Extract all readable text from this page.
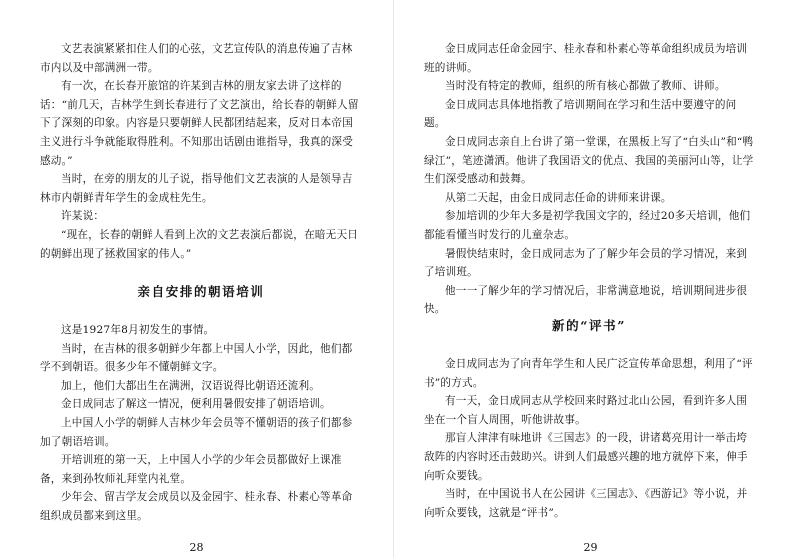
文艺表演紧紧扣住人们的心弦，文艺宣传队的消息传遍了吉林市内以及中部满洲一带。

有一次，在长春开旅馆的许某到吉林的朋友家去讲了这样的话：“前几天，吉林学生到长春进行了文艺演出，给长春的朝鲜人留下了深刻的印象。内容是只要朝鲜人民都团结起来，反对日本帝国主义进行斗争就能取得胜利。不知那出话剧由谁指导，我真的深受感动。”

当时，在旁的朋友的儿子说，指导他们文艺表演的人是领导吉林市内朝鲜青年学生的金成柱先生。

许某说：

“现在，长春的朝鲜人看到上次的文艺表演后都说，在暗无天日的朝鲜出现了拯救国家的伟人。”

亲自安排的朝语培训

这是1927年8月初发生的事情。

当时，在吉林的很多朝鲜少年都上中国人小学，因此，他们都学不到朝语。很多少年不懂朝鲜文字。

加上，他们大都出生在满洲，汉语说得比朝语还流利。

金日成同志了解这一情况，便利用暑假安排了朝语培训。

上中国人小学的朝鲜人吉林少年会员等不懂朝语的孩子们都参加了朝语培训。

开培训班的第一天，上中国人小学的少年会员都做好上课准备，来到孙牧师礼拜堂内礼堂。

少年会、留吉学友会成员以及金园宇、桂永春、朴素心等革命组织成员都来到这里。

28

金日成同志任命金园宇、桂永春和朴素心等革命组织成员为培训班的讲师。

当时没有特定的教师，组织的所有核心都做了教师、讲师。

金日成同志具体地指教了培训期间在学习和生活中要遵守的问题。

金日成同志亲自上台讲了第一堂课，在黑板上写了“白头山”和“鸭绿江”，笔迹潇洒。他讲了我国语文的优点、我国的美丽河山等，让学生们深受感动和鼓舞。

从第二天起，由金日成同志任命的讲师来讲课。

参加培训的少年大多是初学我国文字的，经过20多天培训，他们都能看懂当时发行的儿童杂志。

暑假快结束时，金日成同志为了了解少年会员的学习情况，来到了培训班。

他一一了解少年的学习情况后，非常满意地说，培训期间进步很快。

新的“评书”

金日成同志为了向青年学生和人民广泛宣传革命思想，利用了“评书”的方式。

有一天，金日成同志从学校回来时路过北山公园，看到许多人围坐在一个盲人周围，听他讲故事。

那盲人津津有味地讲《三国志》的一段，讲诸葛亮用计一举击垮敌阵的内容时还击鼓助兴。讲到人们最感兴趣的地方就停下来，伸手向听众要钱。

当时，在中国说书人在公园讲《三国志》、《西游记》等小说，并向听众要钱，这就是“评书”。

29
